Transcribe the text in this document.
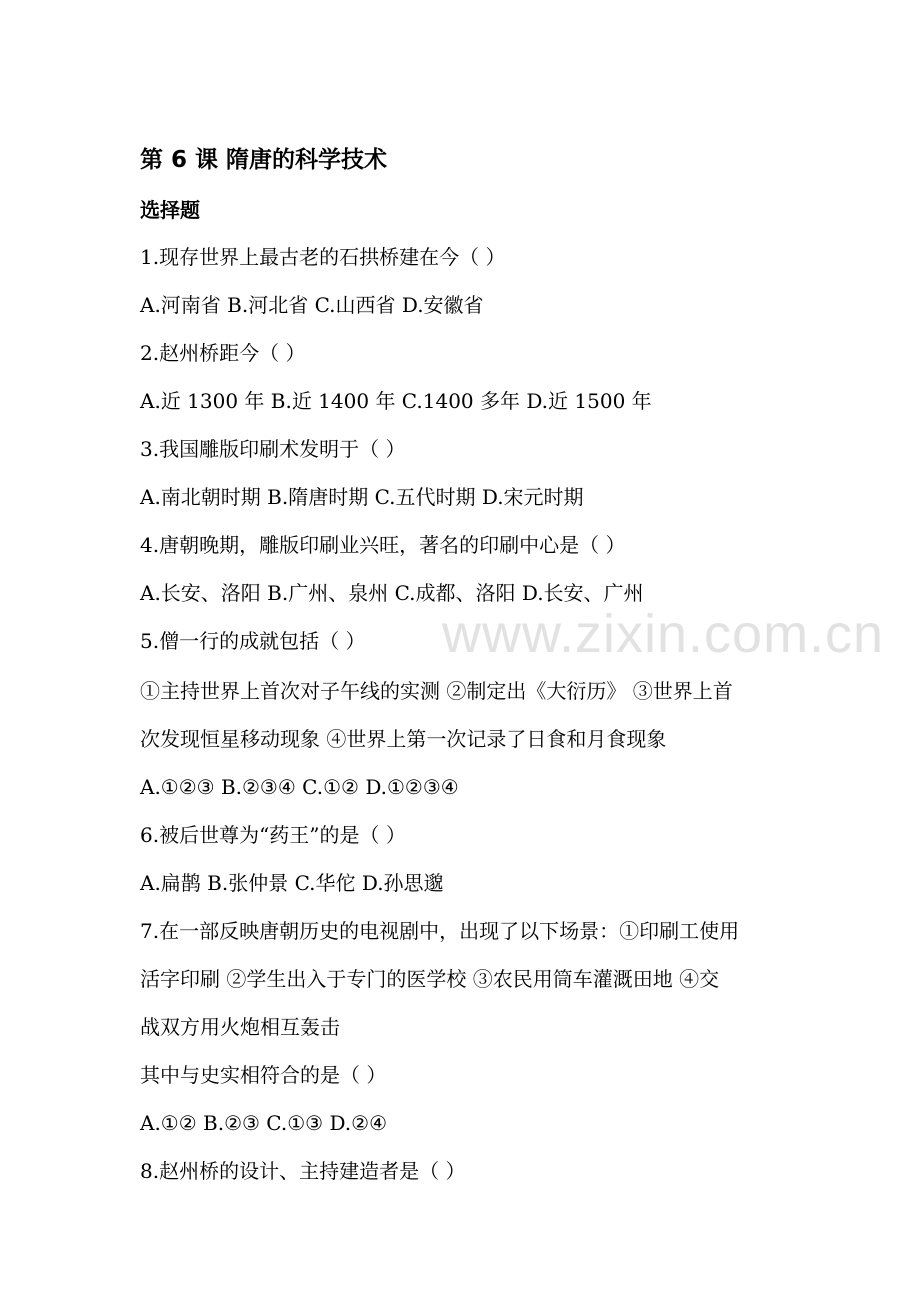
第 6 课 隋唐的科学技术
选择题
1.现存世界上最古老的石拱桥建在今（ ）
A.河南省 B.河北省 C.山西省 D.安徽省
2.赵州桥距今（ ）
A.近 1300 年 B.近 1400 年 C.1400 多年 D.近 1500 年
3.我国雕版印刷术发明于（ ）
A.南北朝时期 B.隋唐时期 C.五代时期 D.宋元时期
4.唐朝晚期，雕版印刷业兴旺，著名的印刷中心是（ ）
A.长安、洛阳 B.广州、泉州 C.成都、洛阳 D.长安、广州
5.僧一行的成就包括（ ）
①主持世界上首次对子午线的实测 ②制定出《大衍历》 ③世界上首
次发现恒星移动现象 ④世界上第一次记录了日食和月食现象
A.①②③ B.②③④ C.①② D.①②③④
6.被后世尊为“药王”的是（ ）
A.扁鹊 B.张仲景 C.华佗 D.孙思邈
7.在一部反映唐朝历史的电视剧中，出现了以下场景：①印刷工使用
活字印刷 ②学生出入于专门的医学校 ③农民用筒车灌溉田地 ④交
战双方用火炮相互轰击
其中与史实相符合的是（ ）
A.①② B.②③ C.①③ D.②④
8.赵州桥的设计、主持建造者是（ ）
www.zixin.com.cn
